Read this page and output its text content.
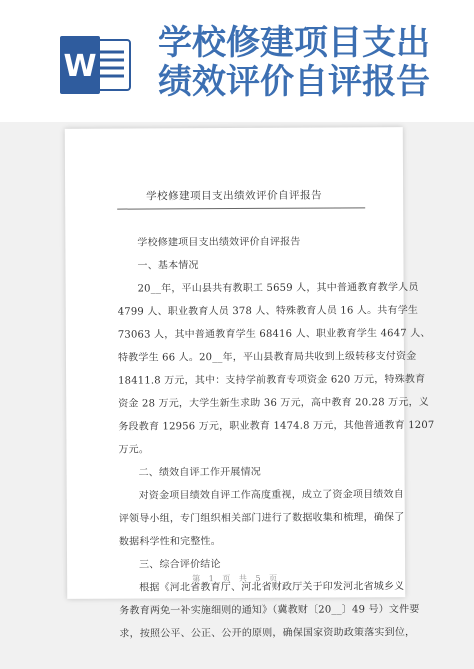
W
学校修建项目支出
绩效评价自评报告
学校修建项目支出绩效评价自评报告

学校修建项目支出绩效评价自评报告

一、基本情况

20__年，平山县共有教职工 5659 人，其中普通教育教学人员

4799 人、职业教育人员 378 人、特殊教育人员 16 人。共有学生

73063 人，其中普通教育学生 68416 人、职业教育学生 4647 人、

特教学生 66 人。20__年，平山县教育局共收到上级转移支付资金

18411.8 万元，其中：支持学前教育专项资金 620 万元，特殊教育

资金 28 万元，大学生新生求助 36 万元，高中教育 20.28 万元，义

务段教育 12956 万元，职业教育 1474.8 万元，其他普通教育 1207

万元。

二、绩效自评工作开展情况

对资金项目绩效自评工作高度重视，成立了资金项目绩效自

评领导小组，专门组织相关部门进行了数据收集和梳理，确保了

数据科学性和完整性。

三、综合评价结论

根据《河北省教育厅、河北省财政厅关于印发河北省城乡义

务教育两免一补实施细则的通知》（冀教财〔20__〕49 号）文件要

求，按照公平、公正、公开的原则，确保国家资助政策落实到位，

第 1 页 共 5 页
